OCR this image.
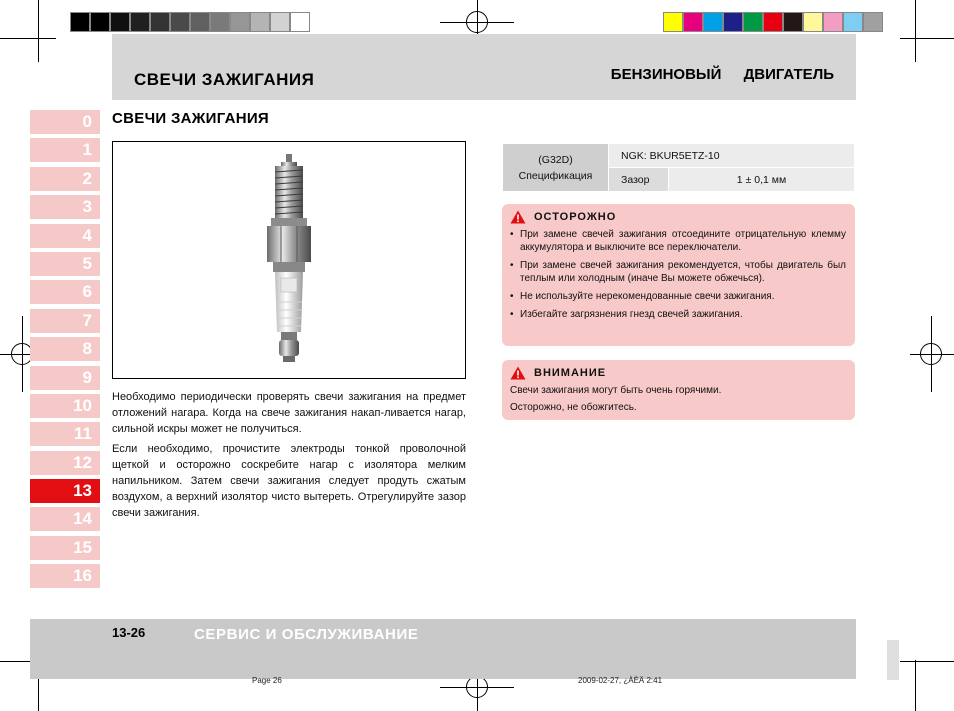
СВЕЧИ ЗАЖИГАНИЯ	БЕНЗИНОВЫЙ ДВИГАТЕЛЬ
0
1
2
3
4
5
6
7
8
9
10
11
12
13
14
15
16
СВЕЧИ ЗАЖИГАНИЯ

Необходимо периодически проверять свечи зажигания на предмет отложений нагара. Когда на свече зажигания накап-ливается нагар, сильной искры может не получиться.

Если необходимо, прочистите электроды тонкой проволочной щеткой и осторожно соскребите нагар с изолятора мелким напильником. Затем свечи зажигания следует продуть сжатым воздухом, а верхний изолятор чисто вытереть. Отрегулируйте зазор свечи зажигания.

(G32D)
Спецификация	NGK: BKUR5ETZ-10	
	Зазор	1 ± 0,1 мм
ОСТОРОЖНО
• При замене свечей зажигания отсоедините отрицательную клемму аккумулятора и выключите все переключатели.
• При замене свечей зажигания рекомендуется, чтобы двигатель был теплым или холодным (иначе Вы можете обжечься).
• Не используйте нерекомендованные свечи зажигания.
• Избегайте загрязнения гнезд свечей зажигания.
ВНИМАНИЕ

Свечи зажигания могут быть очень горячими.

Осторожно, не обожгитесь.

13-26	СЕРВИС И ОБСЛУЖИВАНИЕ
Page 26	2009-02-27, ¿ÀÈÄ 2:41
